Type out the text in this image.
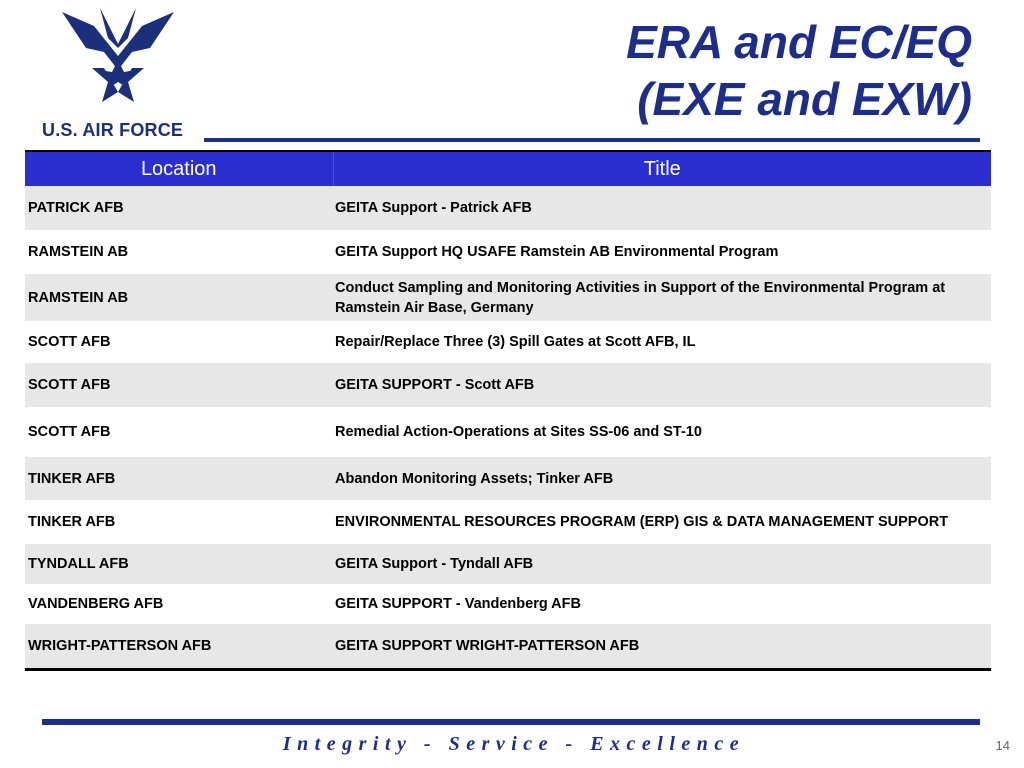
U.S. AIR FORCE
ERA and EC/EQ
(EXE and EXW)
Location	Title
PATRICK AFB	GEITA Support - Patrick AFB
RAMSTEIN AB	GEITA Support HQ USAFE Ramstein AB Environmental Program
RAMSTEIN AB	Conduct Sampling and Monitoring Activities in Support of the Environmental Program at Ramstein Air Base, Germany
SCOTT AFB	Repair/Replace Three (3) Spill Gates at Scott AFB, IL
SCOTT AFB	GEITA SUPPORT - Scott AFB
SCOTT AFB	Remedial Action-Operations at Sites SS-06 and ST-10
TINKER AFB	Abandon Monitoring Assets; Tinker AFB
TINKER AFB	ENVIRONMENTAL RESOURCES PROGRAM (ERP) GIS & DATA MANAGEMENT SUPPORT
TYNDALL AFB	GEITA Support - Tyndall AFB
VANDENBERG AFB	GEITA SUPPORT - Vandenberg AFB
WRIGHT-PATTERSON AFB	GEITA SUPPORT WRIGHT-PATTERSON AFB
Integrity - Service - Excellence	14
